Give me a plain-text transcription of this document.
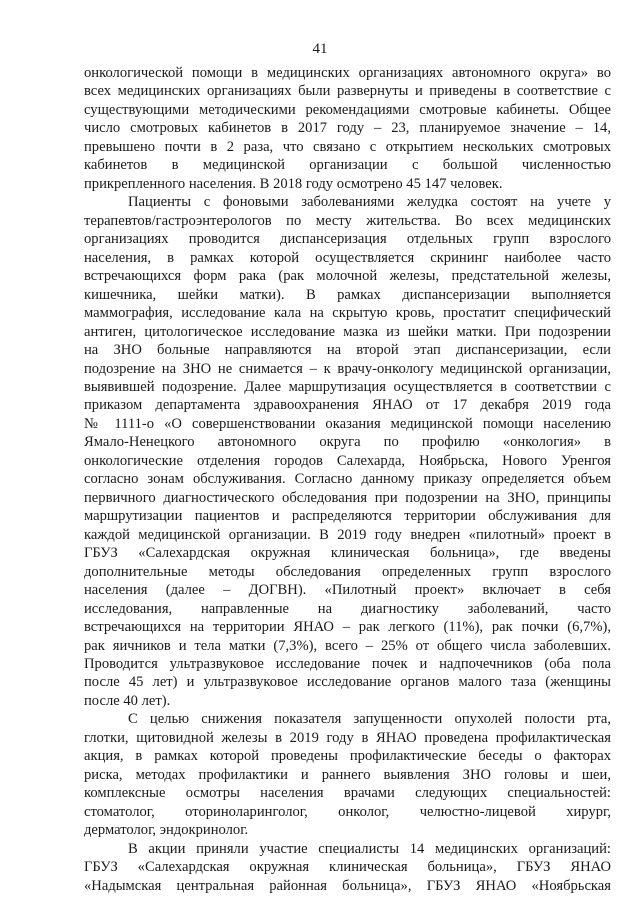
41
онкологической помощи в медицинских организациях автономного округа» во
всех медицинских организациях были развернуты и приведены в соответствие с
существующими методическими рекомендациями смотровые кабинеты. Общее
число смотровых кабинетов в 2017 году – 23, планируемое значение – 14,
превышено почти в 2 раза, что связано с открытием нескольких смотровых
кабинетов в медицинской организации с большой численностью
прикрепленного населения. В 2018 году осмотрено 45 147 человек.
Пациенты с фоновыми заболеваниями желудка состоят на учете у
терапевтов/гастроэнтерологов по месту жительства. Во всех медицинских
организациях проводится диспансеризация отдельных групп взрослого
населения, в рамках которой осуществляется скрининг наиболее часто
встречающихся форм рака (рак молочной железы, предстательной железы,
кишечника, шейки матки). В рамках диспансеризации выполняется
маммография, исследование кала на скрытую кровь, простатит специфический
антиген, цитологическое исследование мазка из шейки матки. При подозрении
на ЗНО больные направляются на второй этап диспансеризации, если
подозрение на ЗНО не снимается – к врачу-онкологу медицинской организации,
выявившей подозрение. Далее маршрутизация осуществляется в соответствии с
приказом департамента здравоохранения ЯНАО от 17 декабря 2019 года
№ 1111-о «О совершенствовании оказания медицинской помощи населению
Ямало-Ненецкого автономного округа по профилю «онкология» в
онкологические отделения городов Салехарда, Ноябрьска, Нового Уренгоя
согласно зонам обслуживания. Согласно данному приказу определяется объем
первичного диагностического обследования при подозрении на ЗНО, принципы
маршрутизации пациентов и распределяются территории обслуживания для
каждой медицинской организации. В 2019 году внедрен «пилотный» проект в
ГБУЗ «Салехардская окружная клиническая больница», где введены
дополнительные методы обследования определенных групп взрослого
населения (далее – ДОГВН). «Пилотный проект» включает в себя
исследования, направленные на диагностику заболеваний, часто
встречающихся на территории ЯНАО – рак легкого (11%), рак почки (6,7%),
рак яичников и тела матки (7,3%), всего – 25% от общего числа заболевших.
Проводится ультразвуковое исследование почек и надпочечников (оба пола
после 45 лет) и ультразвуковое исследование органов малого таза (женщины
после 40 лет).
С целью снижения показателя запущенности опухолей полости рта,
глотки, щитовидной железы в 2019 году в ЯНАО проведена профилактическая
акция, в рамках которой проведены профилактические беседы о факторах
риска, методах профилактики и раннего выявления ЗНО головы и шеи,
комплексные осмотры населения врачами следующих специальностей:
стоматолог, оториноларинголог, онколог, челюстно-лицевой хирург,
дерматолог, эндокринолог.
В акции приняли участие специалисты 14 медицинских организаций:
ГБУЗ «Салехардская окружная клиническая больница», ГБУЗ ЯНАО
«Надымская центральная районная больница», ГБУЗ ЯНАО «Ноябрьская
